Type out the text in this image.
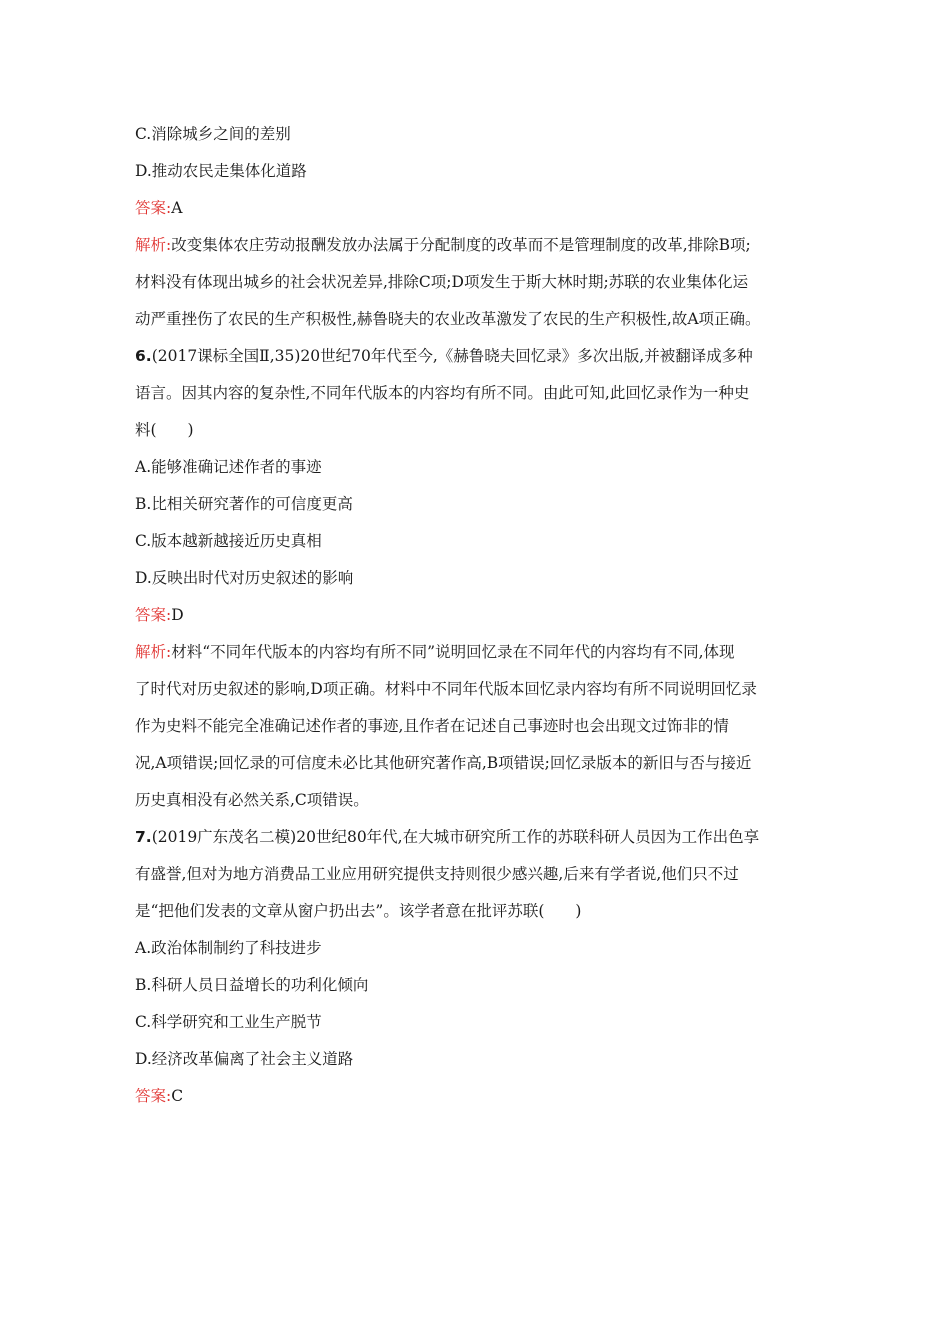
C.消除城乡之间的差别
D.推动农民走集体化道路
答案:A
解析:改变集体农庄劳动报酬发放办法属于分配制度的改革而不是管理制度的改革,排除B项;
材料没有体现出城乡的社会状况差异,排除C项;D项发生于斯大林时期;苏联的农业集体化运
动严重挫伤了农民的生产积极性,赫鲁晓夫的农业改革激发了农民的生产积极性,故A项正确。
6.(2017课标全国Ⅱ,35)20世纪70年代至今,《赫鲁晓夫回忆录》多次出版,并被翻译成多种
语言。因其内容的复杂性,不同年代版本的内容均有所不同。由此可知,此回忆录作为一种史
料(　　)
A.能够准确记述作者的事迹
B.比相关研究著作的可信度更高
C.版本越新越接近历史真相
D.反映出时代对历史叙述的影响
答案:D
解析:材料“不同年代版本的内容均有所不同”说明回忆录在不同年代的内容均有不同,体现
了时代对历史叙述的影响,D项正确。材料中不同年代版本回忆录内容均有所不同说明回忆录
作为史料不能完全准确记述作者的事迹,且作者在记述自己事迹时也会出现文过饰非的情
况,A项错误;回忆录的可信度未必比其他研究著作高,B项错误;回忆录版本的新旧与否与接近
历史真相没有必然关系,C项错误。
7.(2019广东茂名二模)20世纪80年代,在大城市研究所工作的苏联科研人员因为工作出色享
有盛誉,但对为地方消费品工业应用研究提供支持则很少感兴趣,后来有学者说,他们只不过
是“把他们发表的文章从窗户扔出去”。该学者意在批评苏联(　　)
A.政治体制制约了科技进步
B.科研人员日益增长的功利化倾向
C.科学研究和工业生产脱节
D.经济改革偏离了社会主义道路
答案:C
